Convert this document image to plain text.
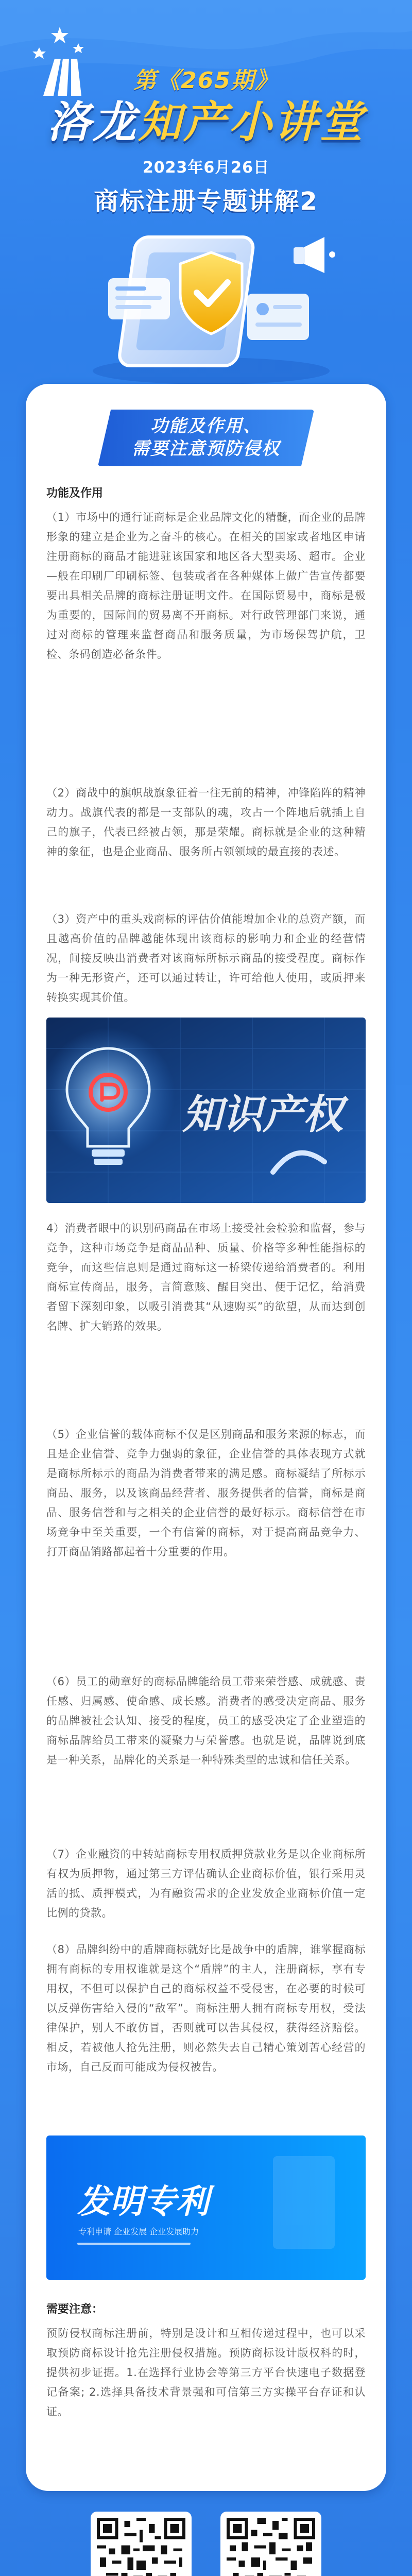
第《265期》
洛龙知产小讲堂
2023年6月26日
商标注册专题讲解2
功能及作用、
需要注意预防侵权
功能及作用
（1）市场中的通行证商标是企业品牌文化的精髓，而企业的品牌形象的建立是企业为之奋斗的核心。在相关的国家或者地区申请注册商标的商品才能进驻该国家和地区各大型卖场、超市。企业—般在印刷厂印刷标签、包装或者在各种媒体上做广告宣传都要要出具相关品牌的商标注册证明文件。在国际贸易中，商标是极为重要的，国际间的贸易离不开商标。对行政管理部门来说，通过对商标的管理来监督商品和服务质量，为市场保驾护航，卫检、条码创造必备条件。
（2）商战中的旗帜战旗象征着一往无前的精神，冲锋陷阵的精神动力。战旗代表的都是一支部队的魂，攻占一个阵地后就插上自己的旗子，代表已经被占领，那是荣耀。商标就是企业的这种精神的象征，也是企业商品、服务所占领领域的最直接的表述。
（3）资产中的重头戏商标的评估价值能增加企业的总资产额，而且越高价值的品牌越能体现出该商标的影响力和企业的经营情况，间接反映出消费者对该商标所标示商品的接受程度。商标作为一种无形资产，还可以通过转让，许可给他人使用，或质押来转换实现其价值。
知识产权
4）消费者眼中的识别码商品在市场上接受社会检验和监督，参与竞争，这种市场竞争是商品品种、质量、价格等多种性能指标的竞争，而这些信息则是通过商标这一桥梁传递给消费者的。利用商标宣传商品，服务，言简意赅、醒目突出、便于记忆，给消费者留下深刻印象，以吸引消费其“从速购买”的欲望，从而达到创名牌、扩大销路的效果。
（5）企业信誉的载体商标不仅是区别商品和服务来源的标志，而且是企业信誉、竞争力强弱的象征，企业信誉的具体表现方式就是商标所标示的商品为消费者带来的满足感。商标凝结了所标示商品、服务，以及该商品经营者、服务提供者的信誉，商标是商品、服务信誉和与之相关的企业信誉的最好标示。商标信誉在市场竞争中至关重要，一个有信誉的商标，对于提高商品竞争力、打开商品销路都起着十分重要的作用。
（6）员工的勋章好的商标品牌能给员工带来荣誉感、成就感、责任感、归属感、使命感、成长感。消费者的感受决定商品、服务的品牌被社会认知、接受的程度，员工的感受决定了企业塑造的商标品牌给员工带来的凝聚力与荣誉感。也就是说，品牌说到底是一种关系，品牌化的关系是一种特殊类型的忠诚和信任关系。
（7）企业融资的中转站商标专用权质押贷款业务是以企业商标所有权为质押物，通过第三方评估确认企业商标价值，银行采用灵活的抵、质押模式，为有融资需求的企业发放企业商标价值一定比例的贷款。
（8）品牌纠纷中的盾牌商标就好比是战争中的盾牌，谁掌握商标拥有商标的专用权谁就是这个“盾牌”的主人，注册商标，享有专用权，不但可以保护自己的商标权益不受侵害，在必要的时候可以反弹伤害给入侵的“敌军”。商标注册人拥有商标专用权，受法律保护，别人不敢仿冒，否则就可以告其侵权，获得经济赔偿。相反，若被他人抢先注册，则必然失去自己精心策划苦心经营的市场，自己反而可能成为侵权被告。
发明专利
专利申请 企业发展 企业发展助力
需要注意：
预防侵权商标注册前，特别是设计和互相传递过程中，也可以采取预防商标设计抢先注册侵权措施。预防商标设计版权科的时，提供初步证据。1.在选择行业协会等第三方平台快速电子数据登记备案; 2.选择具备技术背景强和可信第三方实操平台存证和认证。
